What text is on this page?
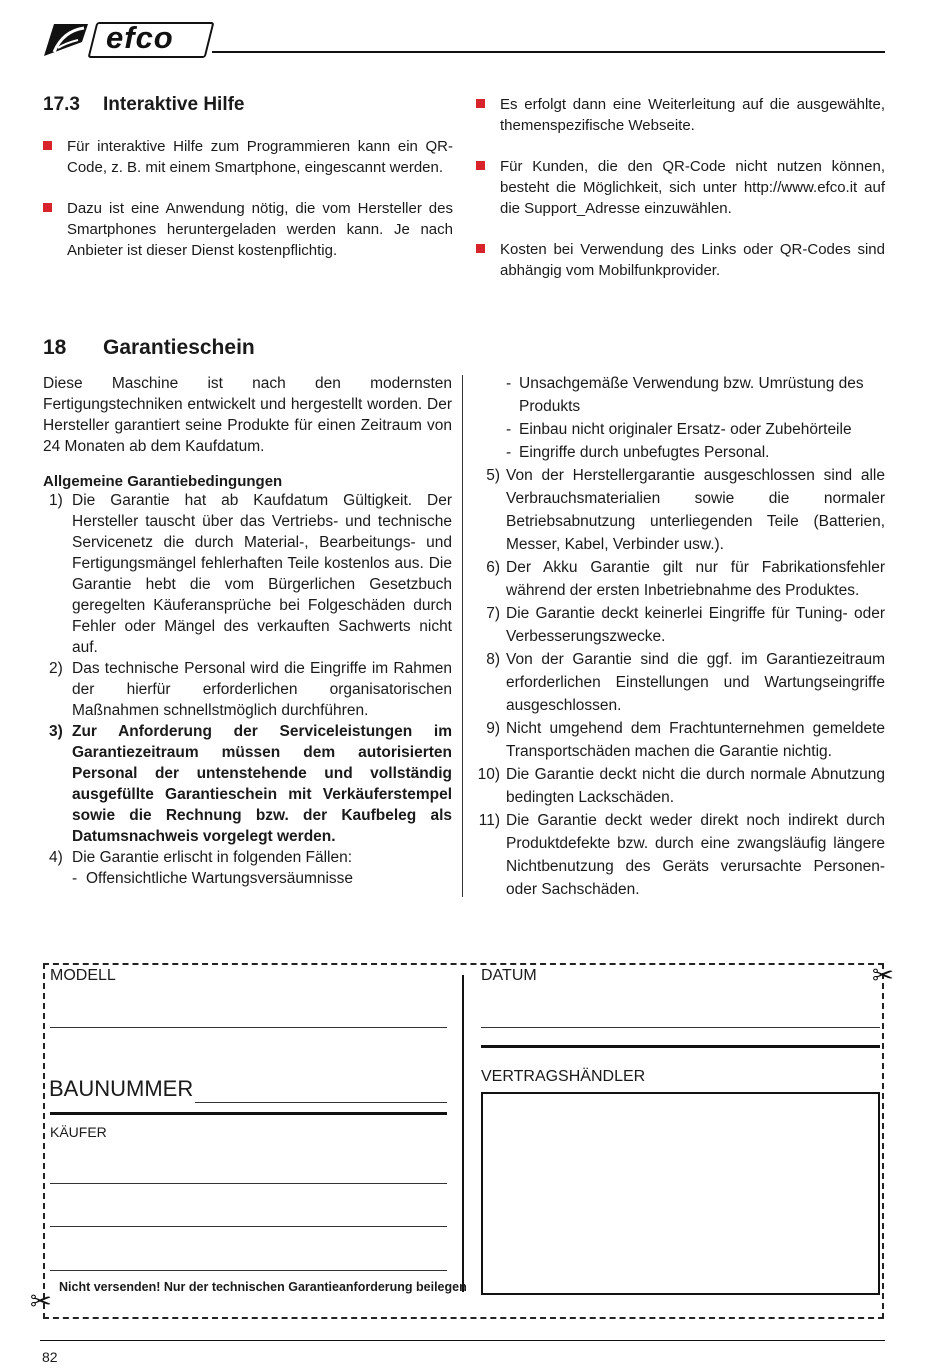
efco
17.3 Interaktive Hilfe
Für interaktive Hilfe zum Programmieren kann ein QR-Code, z. B. mit einem Smartphone, eingescannt werden.
Dazu ist eine Anwendung nötig, die vom Hersteller des Smartphones heruntergeladen werden kann. Je nach Anbieter ist dieser Dienst kostenpflichtig.
Es erfolgt dann eine Weiterleitung auf die ausgewählte, themenspezifische Webseite.
Für Kunden, die den QR-Code nicht nutzen können, besteht die Möglichkeit, sich unter http://www.efco.it auf die Support_Adresse einzuwählen.
Kosten bei Verwendung des Links oder QR-Codes sind abhängig vom Mobilfunkprovider.
18 Garantieschein

Diese Maschine ist nach den modernsten Fertigungstechniken entwickelt und hergestellt worden. Der Hersteller garantiert seine Produkte für einen Zeitraum von 24 Monaten ab dem Kaufdatum.

Allgemeine Garantiebedingungen

1) Die Garantie hat ab Kaufdatum Gültigkeit. Der Hersteller tauscht über das Vertriebs- und technische Servicenetz die durch Material-, Bearbeitungs- und Fertigungsmängel fehlerhaften Teile kostenlos aus. Die Garantie hebt die vom Bürgerlichen Gesetzbuch geregelten Käuferansprüche bei Folgeschäden durch Fehler oder Mängel des verkauften Sachwerts nicht auf.
2) Das technische Personal wird die Eingriffe im Rahmen der hierfür erforderlichen organisatorischen Maßnahmen schnellstmöglich durchführen.
3) Zur Anforderung der Serviceleistungen im Garantiezeitraum müssen dem autorisierten Personal der untenstehende und vollständig ausgefüllte Garantieschein mit Verkäuferstempel sowie die Rechnung bzw. der Kaufbeleg als Datumsnachweis vorgelegt werden.
4) Die Garantie erlischt in folgenden Fällen:
- Offensichtliche Wartungsversäumnisse
- Unsachgemäße Verwendung bzw. Umrüstung des Produkts
- Einbau nicht originaler Ersatz- oder Zubehörteile
- Eingriffe durch unbefugtes Personal.
5) Von der Herstellergarantie ausgeschlossen sind alle Verbrauchsmaterialien sowie die normaler Betriebsabnutzung unterliegenden Teile (Batterien, Messer, Kabel, Verbinder usw.).
6) Der Akku Garantie gilt nur für Fabrikationsfehler während der ersten Inbetriebnahme des Produktes.
7) Die Garantie deckt keinerlei Eingriffe für Tuning- oder Verbesserungszwecke.
8) Von der Garantie sind die ggf. im Garantiezeitraum erforderlichen Einstellungen und Wartungseingriffe ausgeschlossen.
9) Nicht umgehend dem Frachtunternehmen gemeldete Transportschäden machen die Garantie nichtig.
10) Die Garantie deckt nicht die durch normale Abnutzung bedingten Lackschäden.
11) Die Garantie deckt weder direkt noch indirekt durch Produktdefekte bzw. durch eine zwangsläufig längere Nichtbenutzung des Geräts verursachte Personen- oder Sachschäden.
MODELL	DATUM
BAUNUMMER	VERTRAGSHÄNDLER
KÄUFER
Nicht versenden! Nur der technischen Garantieanforderung beilegen
✂
✂
82
